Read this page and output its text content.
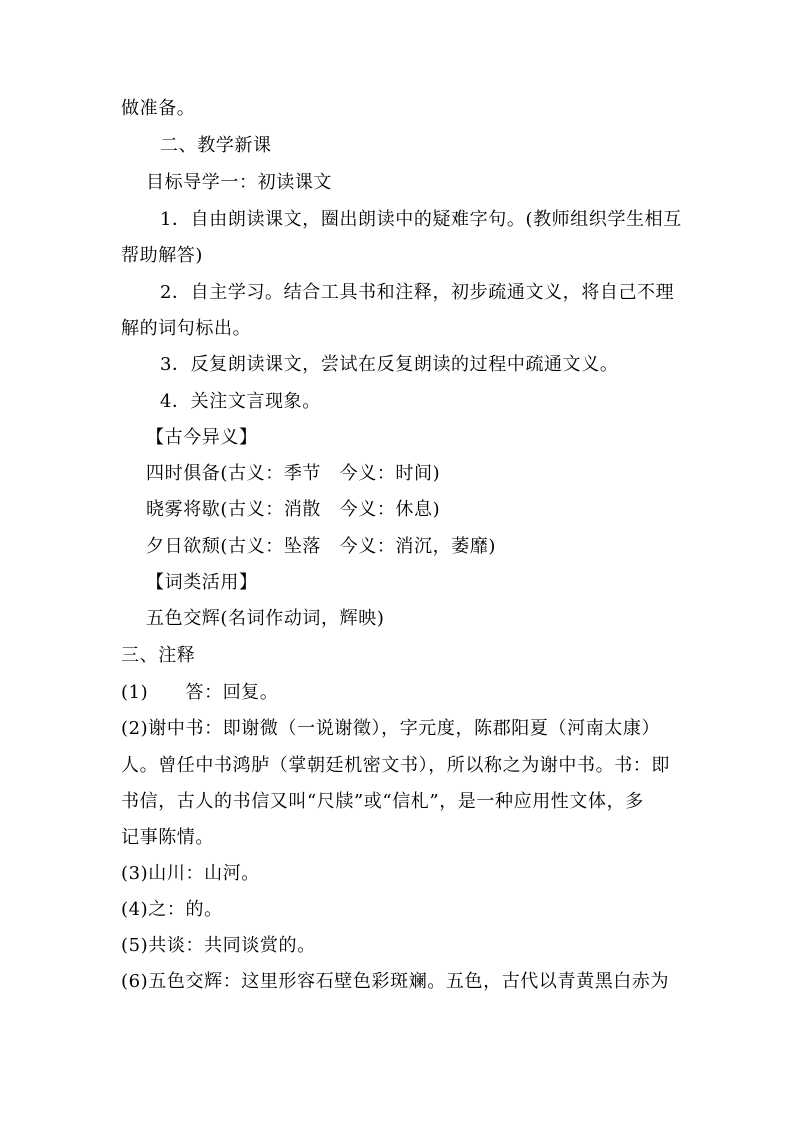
做准备。
二、教学新课
目标导学一：初读课文
1．自由朗读课文，圈出朗读中的疑难字句。(教师组织学生相互
帮助解答)
2．自主学习。结合工具书和注释，初步疏通文义，将自己不理
解的词句标出。
3．反复朗读课文，尝试在反复朗读的过程中疏通文义。
4．关注文言现象。
【古今异义】
四时俱备(古义：季节　今义：时间)
晓雾将歇(古义：消散　今义：休息)
夕日欲颓(古义：坠落　今义：消沉，萎靡)
【词类活用】
五色交辉(名词作动词，辉映)
三、注释
(1)　　答：回复。
(2)谢中书：即谢微（一说谢徵），字元度，陈郡阳夏（河南太康）
人。曾任中书鸿胪（掌朝廷机密文书），所以称之为谢中书。书：即
书信，古人的书信又叫“尺牍”或“信札”，是一种应用性文体，多
记事陈情。
(3)山川：山河。
(4)之：的。
(5)共谈：共同谈赏的。
(6)五色交辉：这里形容石壁色彩斑斓。五色，古代以青黄黑白赤为
